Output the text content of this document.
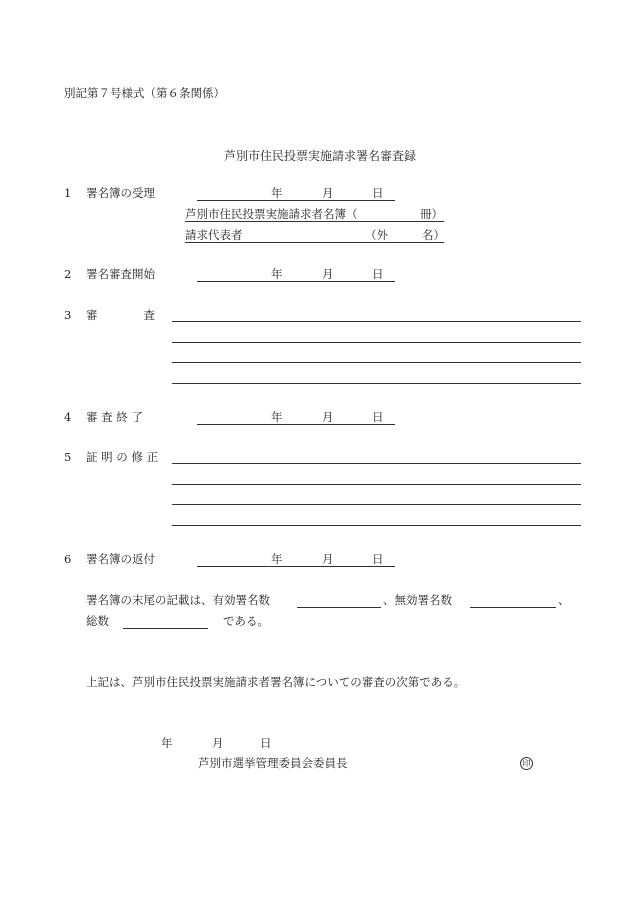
別記第７号様式（第６条関係）
芦別市住民投票実施請求署名審査録
1 署名簿の受理	年	月	日
芦別市住民投票実施請求者名簿（	冊）
請求代表者	（外	名）
2 署名審査開始	年	月	日
3 審　　　　査
4 審 査 終 了	年	月	日
5 証 明 の 修 正
6 署名簿の返付	年	月	日
署名簿の末尾の記載は、有効署名数	、無効署名数	、
総数	である。
上記は、芦別市住民投票実施請求者署名簿についての審査の次第である。
年	月	日
芦別市選挙管理委員会委員長	印
